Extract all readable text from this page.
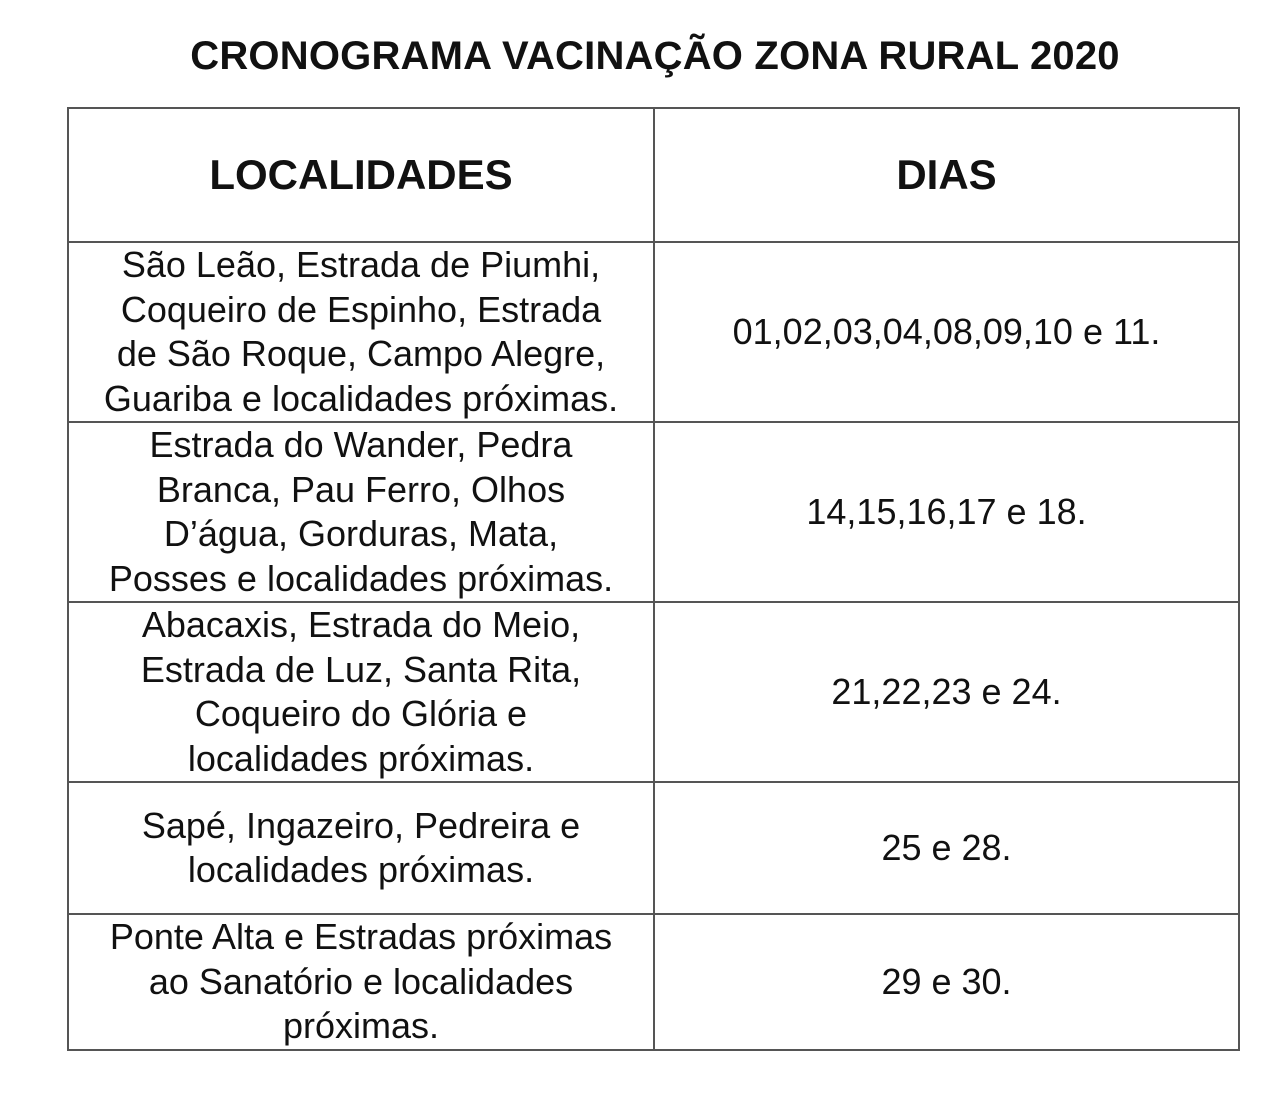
CRONOGRAMA VACINAÇÃO ZONA RURAL 2020
LOCALIDADES	DIAS
São Leão, Estrada de Piumhi,
Coqueiro de Espinho, Estrada
de São Roque, Campo Alegre,
Guariba e localidades próximas.	01,02,03,04,08,09,10 e 11.
Estrada do Wander, Pedra
Branca, Pau Ferro, Olhos
D’água, Gorduras, Mata,
Posses e localidades próximas.	14,15,16,17 e 18.
Abacaxis, Estrada do Meio,
Estrada de Luz, Santa Rita,
Coqueiro do Glória e
localidades próximas.	21,22,23 e 24.
Sapé, Ingazeiro, Pedreira e
localidades próximas.	25 e 28.
Ponte Alta e Estradas próximas
ao Sanatório e localidades
próximas.	29 e 30.
